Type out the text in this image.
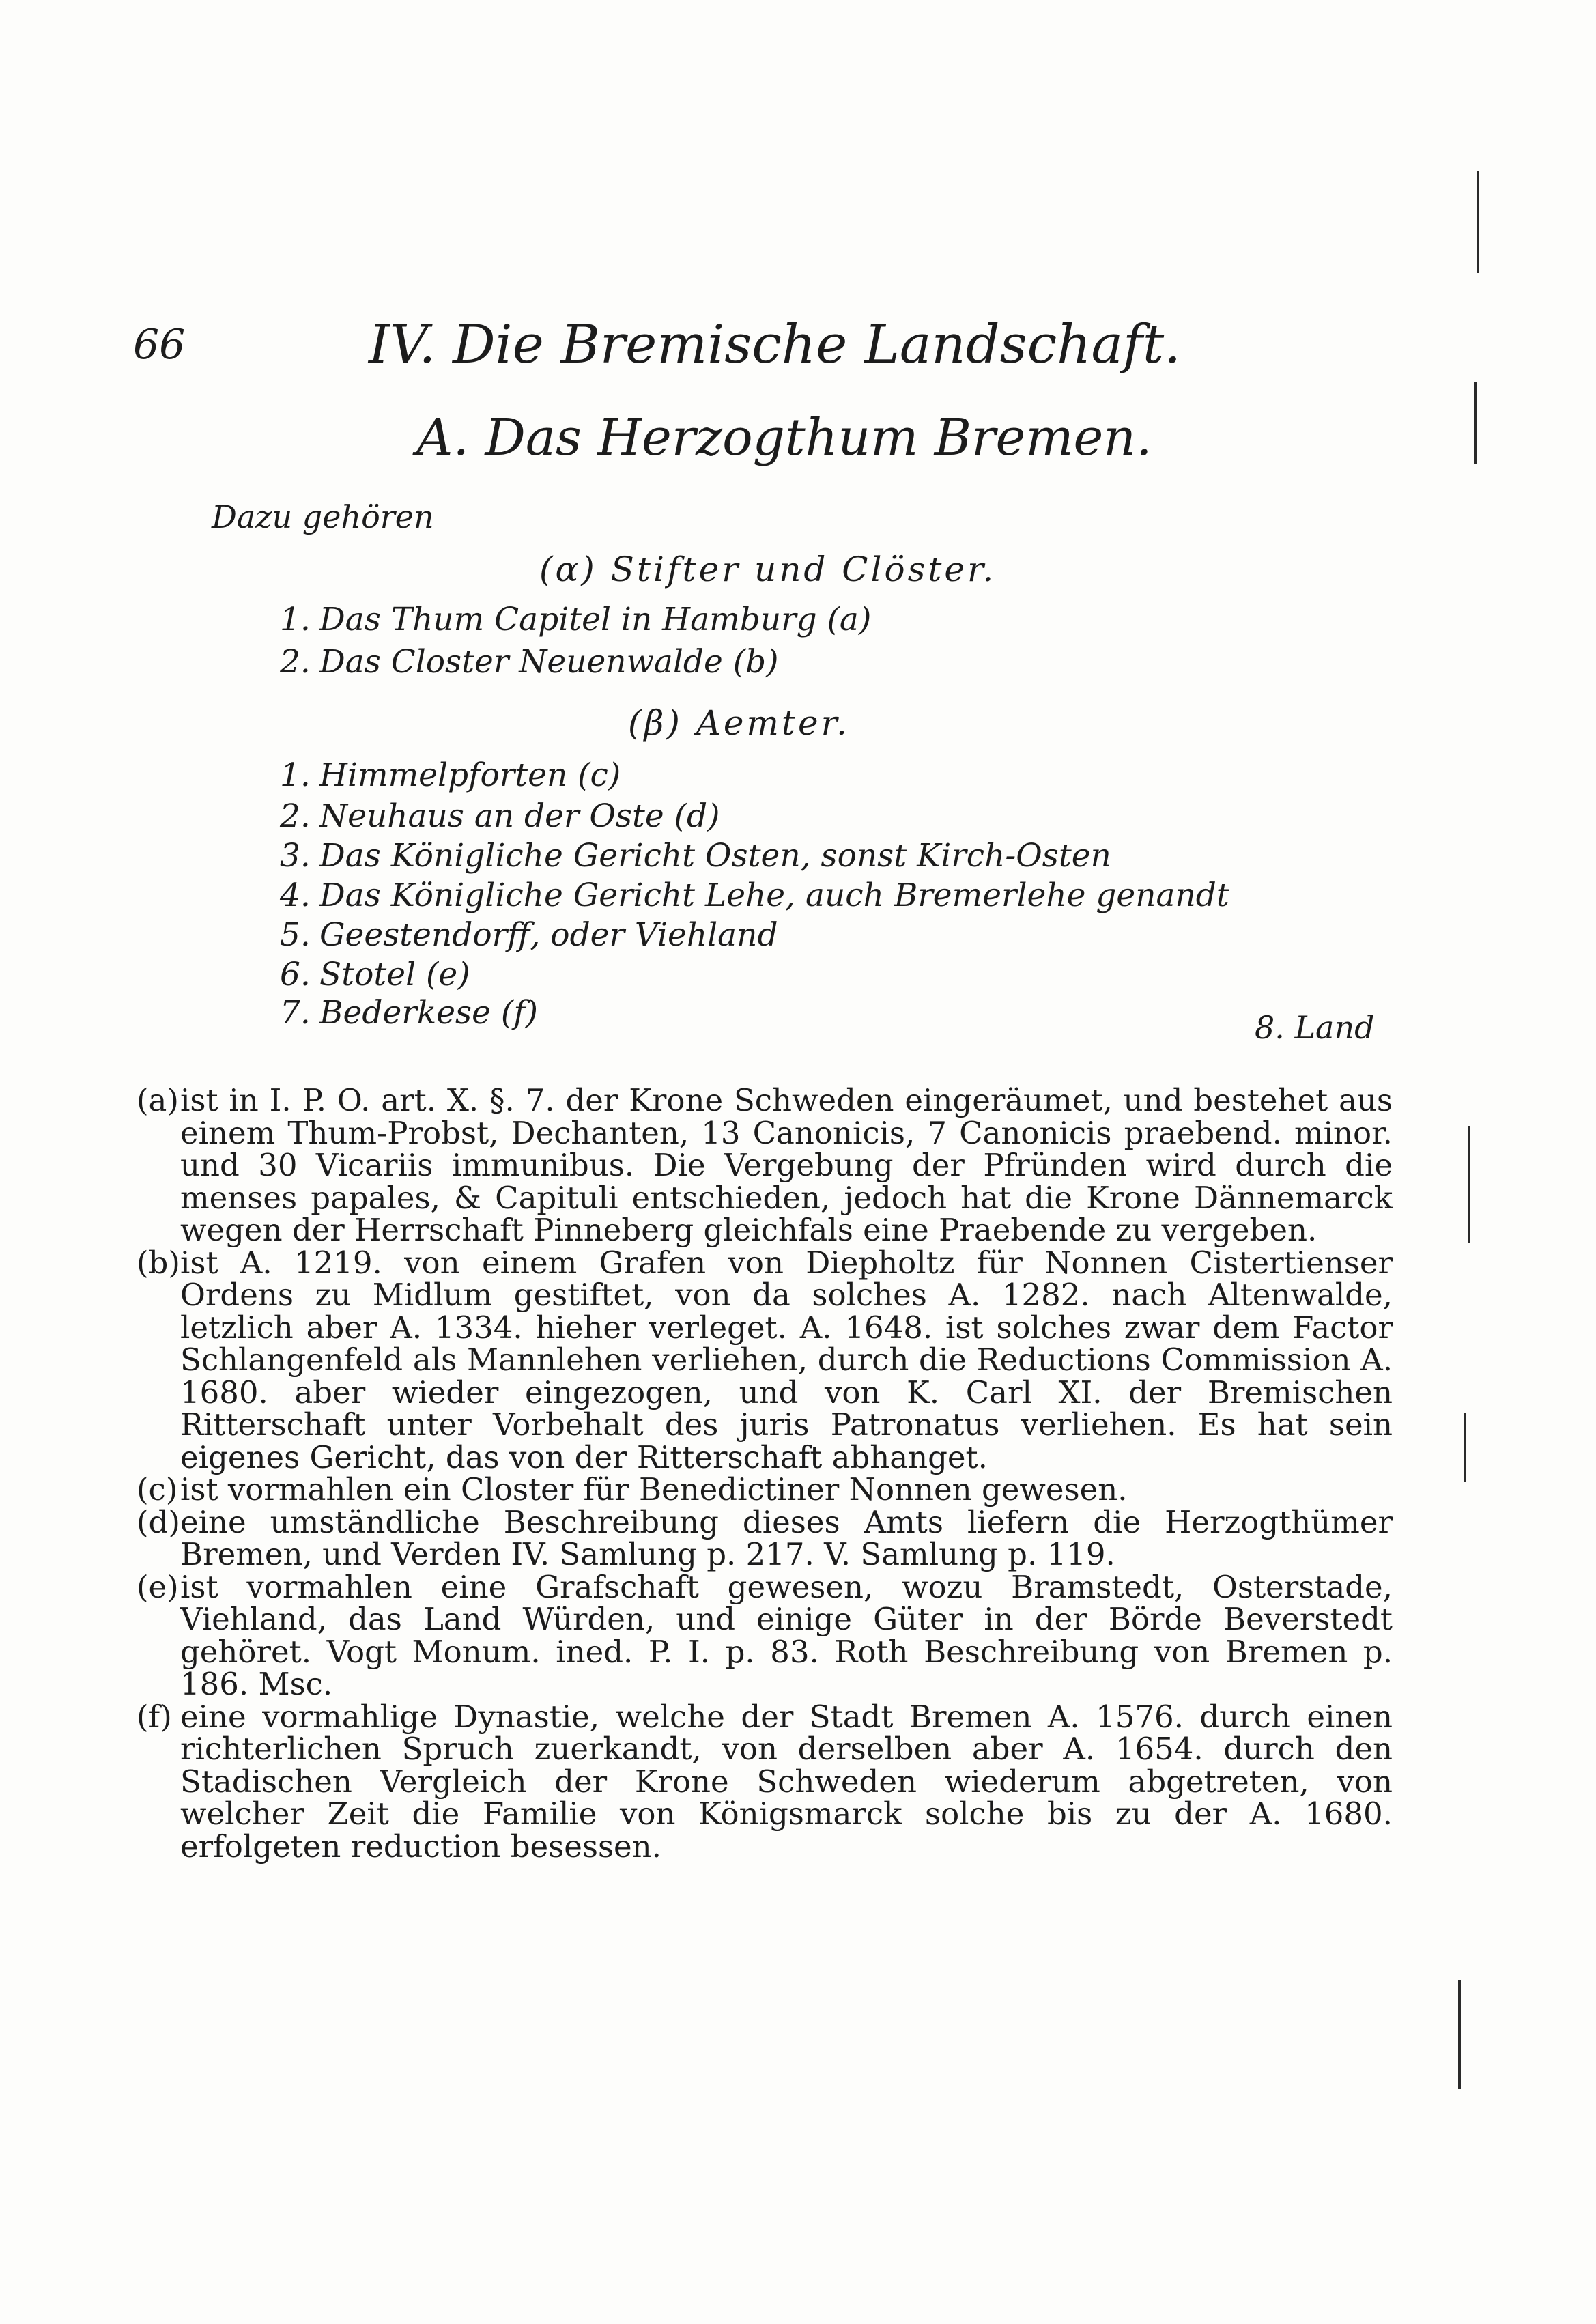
66	IV. Die Bremische Landschaft.
A. Das Herzogthum Bremen.
Dazu gehören
(α) Stifter und Clöster.
1. Das Thum Capitel in Hamburg (a)
2. Das Closter Neuenwalde (b)
(β) Aemter.
1. Himmelpforten (c)
2. Neuhaus an der Oste (d)
3. Das Königliche Gericht Osten, sonst Kirch-Osten
4. Das Königliche Gericht Lehe, auch Bremerlehe genandt
5. Geestendorff, oder Viehland
6. Stotel (e)
7. Bederkese (f)	8. Land

(a) ist in I. P. O. art. X. §. 7. der Krone Schweden eingeräumet, und bestehet aus einem Thum-Probst, Dechanten, 13 Canonicis, 7 Canonicis praebend. minor. und 30 Vicariis immunibus. Die Vergebung der Pfründen wird durch die menses papales, & Capituli entschieden, jedoch hat die Krone Dännemarck wegen der Herrschaft Pinneberg gleichfals eine Praebende zu vergeben.

(b) ist A. 1219. von einem Grafen von Diepholtz für Nonnen Cistertienser Ordens zu Midlum gestiftet, von da solches A. 1282. nach Altenwalde, letzlich aber A. 1334. hieher verleget. A. 1648. ist solches zwar dem Factor Schlangenfeld als Mannlehen verliehen, durch die Reductions Commission A. 1680. aber wieder eingezogen, und von K. Carl XI. der Bremischen Ritterschaft unter Vorbehalt des juris Patronatus verliehen. Es hat sein eigenes Gericht, das von der Ritterschaft abhanget.

(c) ist vormahlen ein Closter für Benedictiner Nonnen gewesen.

(d) eine umständliche Beschreibung dieses Amts liefern die Herzogthümer Bremen, und Verden IV. Samlung p. 217. V. Samlung p. 119.

(e) ist vormahlen eine Grafschaft gewesen, wozu Bramstedt, Osterstade, Viehland, das Land Würden, und einige Güter in der Börde Beverstedt gehöret. Vogt Monum. ined. P. I. p. 83. Roth Beschreibung von Bremen p. 186. Msc.

(f) eine vormahlige Dynastie, welche der Stadt Bremen A. 1576. durch einen richterlichen Spruch zuerkandt, von derselben aber A. 1654. durch den Stadischen Vergleich der Krone Schweden wiederum abgetreten, von welcher Zeit die Familie von Königsmarck solche bis zu der A. 1680. erfolgeten reduction besessen.
